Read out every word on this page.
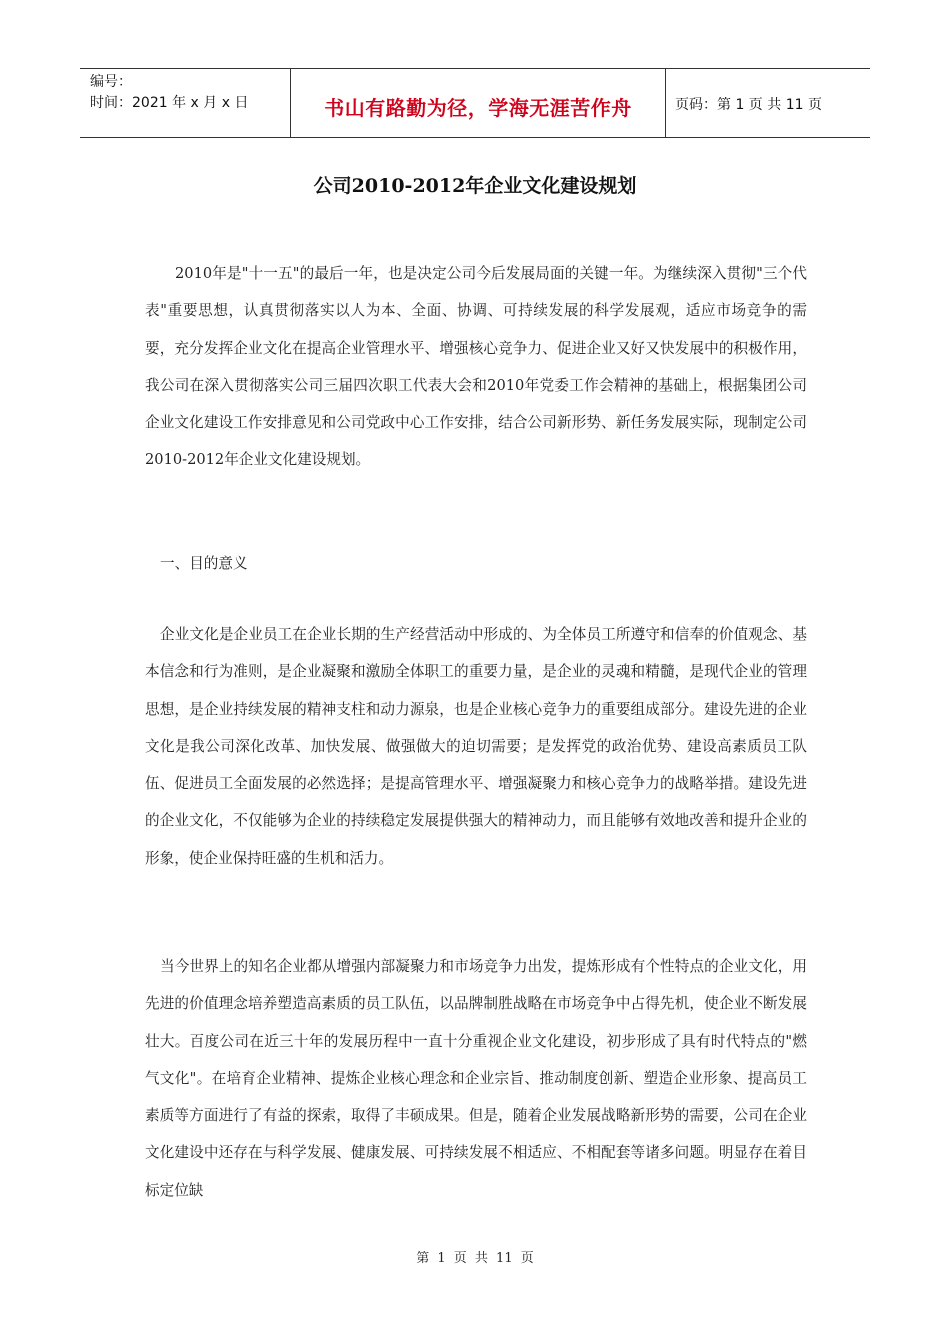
编号：
时间：2021 年 x 月 x 日	书山有路勤为径，学海无涯苦作舟	页码：第 1 页 共 11 页
公司2010-2012年企业文化建设规划
2010年是"十一五"的最后一年，也是决定公司今后发展局面的关键一年。为继续深入贯彻"三个代表"重要思想，认真贯彻落实以人为本、全面、协调、可持续发展的科学发展观，适应市场竞争的需要，充分发挥企业文化在提高企业管理水平、增强核心竞争力、促进企业又好又快发展中的积极作用，我公司在深入贯彻落实公司三届四次职工代表大会和2010年党委工作会精神的基础上，根据集团公司企业文化建设工作安排意见和公司党政中心工作安排，结合公司新形势、新任务发展实际，现制定公司2010-2012年企业文化建设规划。
一、目的意义
企业文化是企业员工在企业长期的生产经营活动中形成的、为全体员工所遵守和信奉的价值观念、基本信念和行为准则，是企业凝聚和激励全体职工的重要力量，是企业的灵魂和精髓，是现代企业的管理思想，是企业持续发展的精神支柱和动力源泉，也是企业核心竞争力的重要组成部分。建设先进的企业文化是我公司深化改革、加快发展、做强做大的迫切需要；是发挥党的政治优势、建设高素质员工队伍、促进员工全面发展的必然选择；是提高管理水平、增强凝聚力和核心竞争力的战略举措。建设先进的企业文化，不仅能够为企业的持续稳定发展提供强大的精神动力，而且能够有效地改善和提升企业的形象，使企业保持旺盛的生机和活力。
当今世界上的知名企业都从增强内部凝聚力和市场竞争力出发，提炼形成有个性特点的企业文化，用先进的价值理念培养塑造高素质的员工队伍，以品牌制胜战略在市场竞争中占得先机，使企业不断发展壮大。百度公司在近三十年的发展历程中一直十分重视企业文化建设，初步形成了具有时代特点的"燃气文化"。在培育企业精神、提炼企业核心理念和企业宗旨、推动制度创新、塑造企业形象、提高员工素质等方面进行了有益的探索，取得了丰硕成果。但是，随着企业发展战略新形势的需要，公司在企业文化建设中还存在与科学发展、健康发展、可持续发展不相适应、不相配套等诸多问题。明显存在着目标定位缺
第 1 页 共 11 页
